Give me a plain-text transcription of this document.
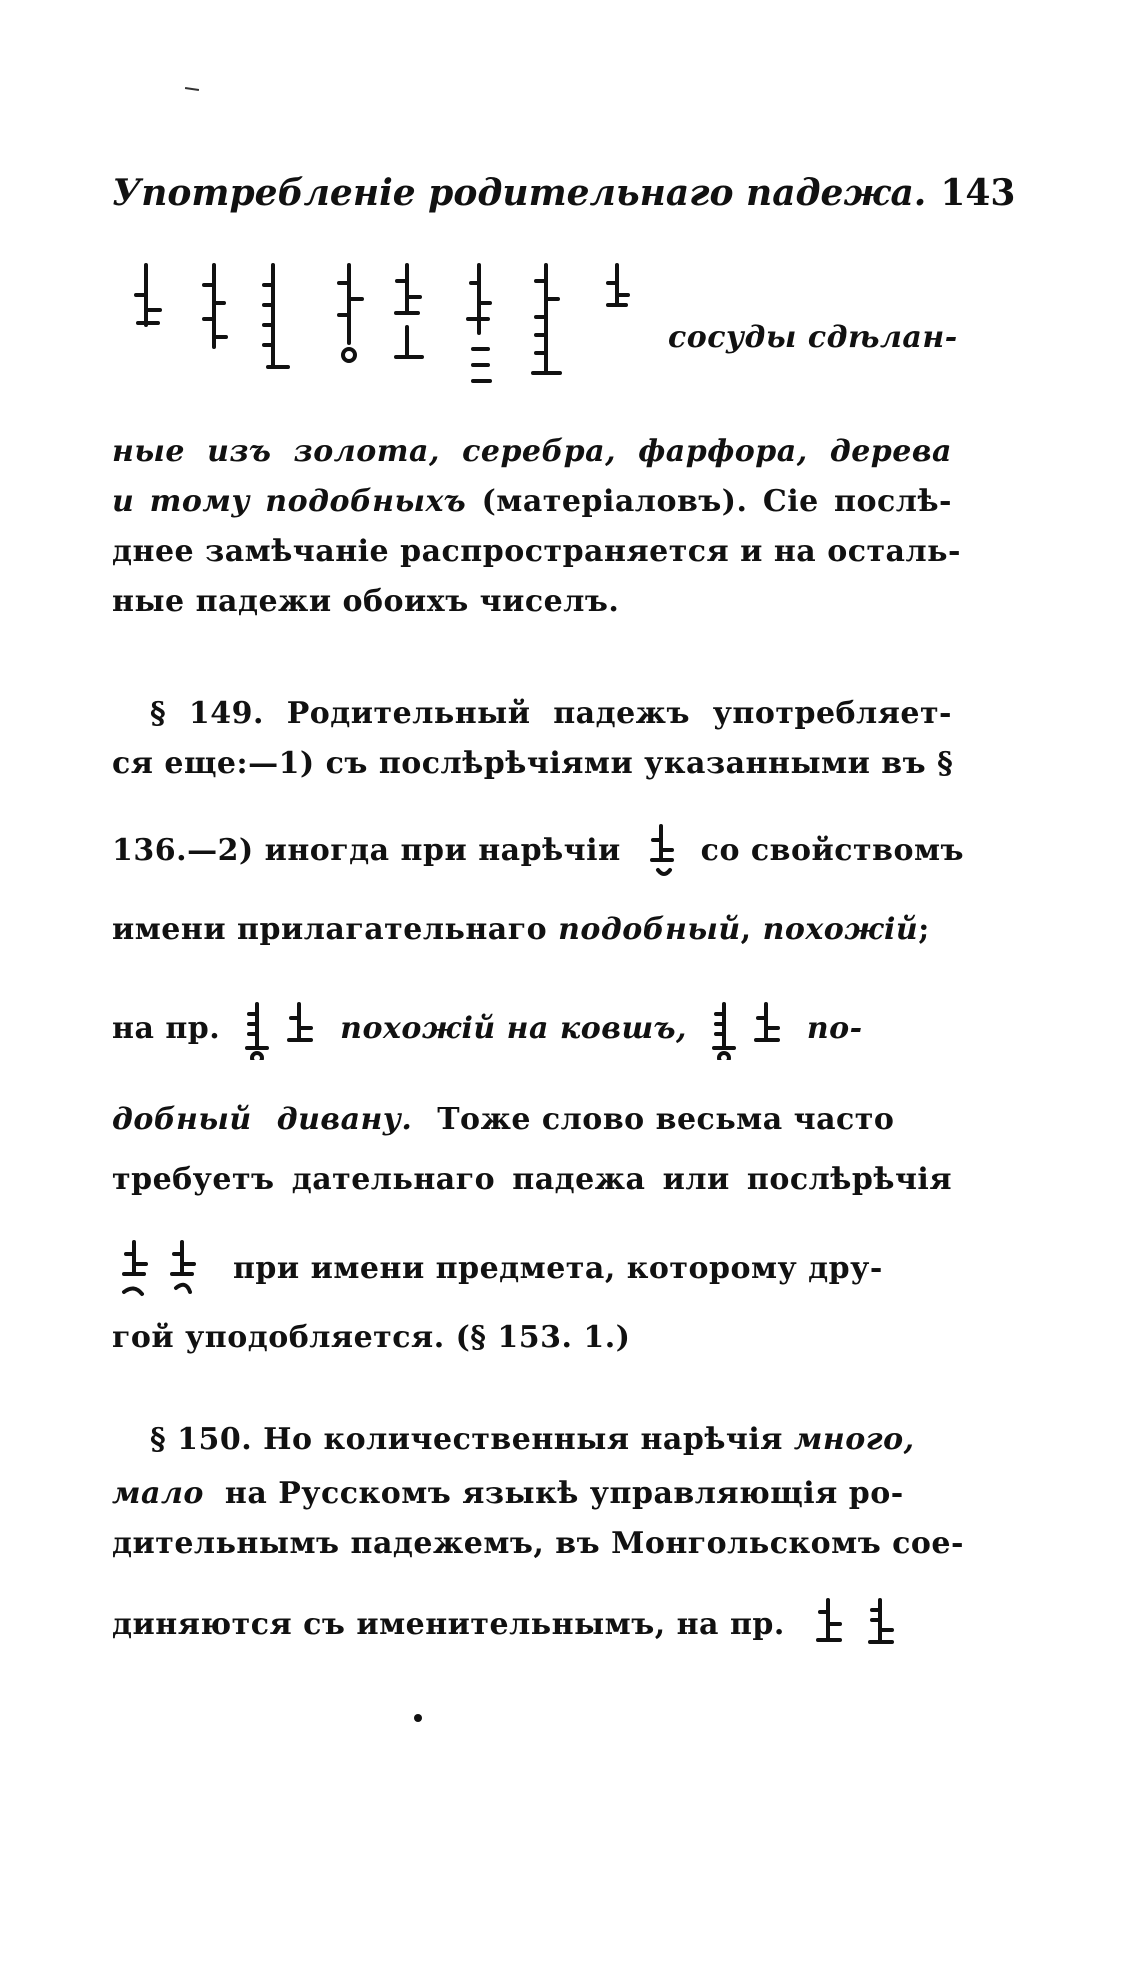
Употребленіе родительнаго падежа. 143
сосуды сдѣлан-
ные изъ золота, серебра, фарфора, дерева
и тому подобныхъ (матеріаловъ). Сіе послѣ-
днее замѣчаніе распространяется и на осталь-
ные падежи обоихъ чиселъ.
§ 149. Родительный падежъ употребляет-
ся еще:—1) съ послѣрѣчіями указанными въ §
136.—2) иногда при нарѣчіи	со свойствомъ
имени прилагательнаго подобный, похожій;
на пр.	похожій на ковшъ,	по-
добный дивану. Тоже слово весьма часто
требуетъ дательнаго падежа или послѣрѣчія
при имени предмета, которому дру-
гой уподобляется. (§ 153. 1.)
§ 150. Но количественныя нарѣчія много,
мало на Русскомъ языкѣ управляющія ро-
дительнымъ падежемъ, въ Монгольскомъ сое-
диняются съ именительнымъ, на пр.
